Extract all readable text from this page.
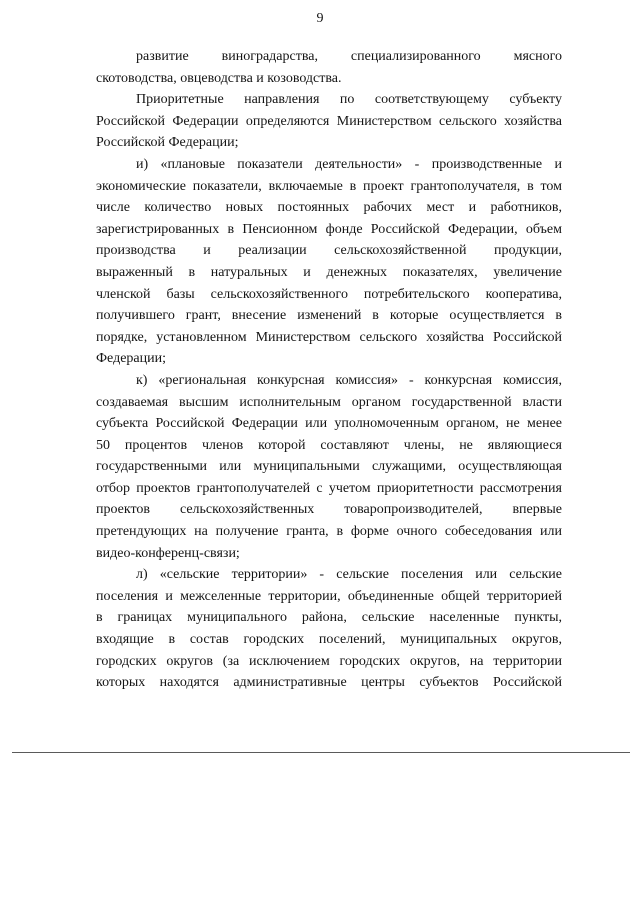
9
развитие виноградарства, специализированного мясного
скотоводства, овцеводства и козоводства.
Приоритетные направления по соответствующему субъекту
Российской Федерации определяются Министерством сельского хозяйства
Российской Федерации;
и) «плановые показатели деятельности» - производственные и
экономические показатели, включаемые в проект грантополучателя, в том
числе количество новых постоянных рабочих мест и работников,
зарегистрированных в Пенсионном фонде Российской Федерации, объем
производства и реализации сельскохозяйственной продукции,
выраженный в натуральных и денежных показателях, увеличение
членской базы сельскохозяйственного потребительского кооператива,
получившего грант, внесение изменений в которые осуществляется в
порядке, установленном Министерством сельского хозяйства Российской
Федерации;
к) «региональная конкурсная комиссия» - конкурсная комиссия,
создаваемая высшим исполнительным органом государственной власти
субъекта Российской Федерации или уполномоченным органом, не менее
50 процентов членов которой составляют члены, не являющиеся
государственными или муниципальными служащими, осуществляющая
отбор проектов грантополучателей с учетом приоритетности рассмотрения
проектов сельскохозяйственных товаропроизводителей, впервые
претендующих на получение гранта, в форме очного собеседования или
видео-конференц-связи;
л) «сельские территории» - сельские поселения или сельские
поселения и межселенные территории, объединенные общей территорией
в границах муниципального района, сельские населенные пункты,
входящие в состав городских поселений, муниципальных округов,
городских округов (за исключением городских округов, на территории
которых находятся административные центры субъектов Российской
